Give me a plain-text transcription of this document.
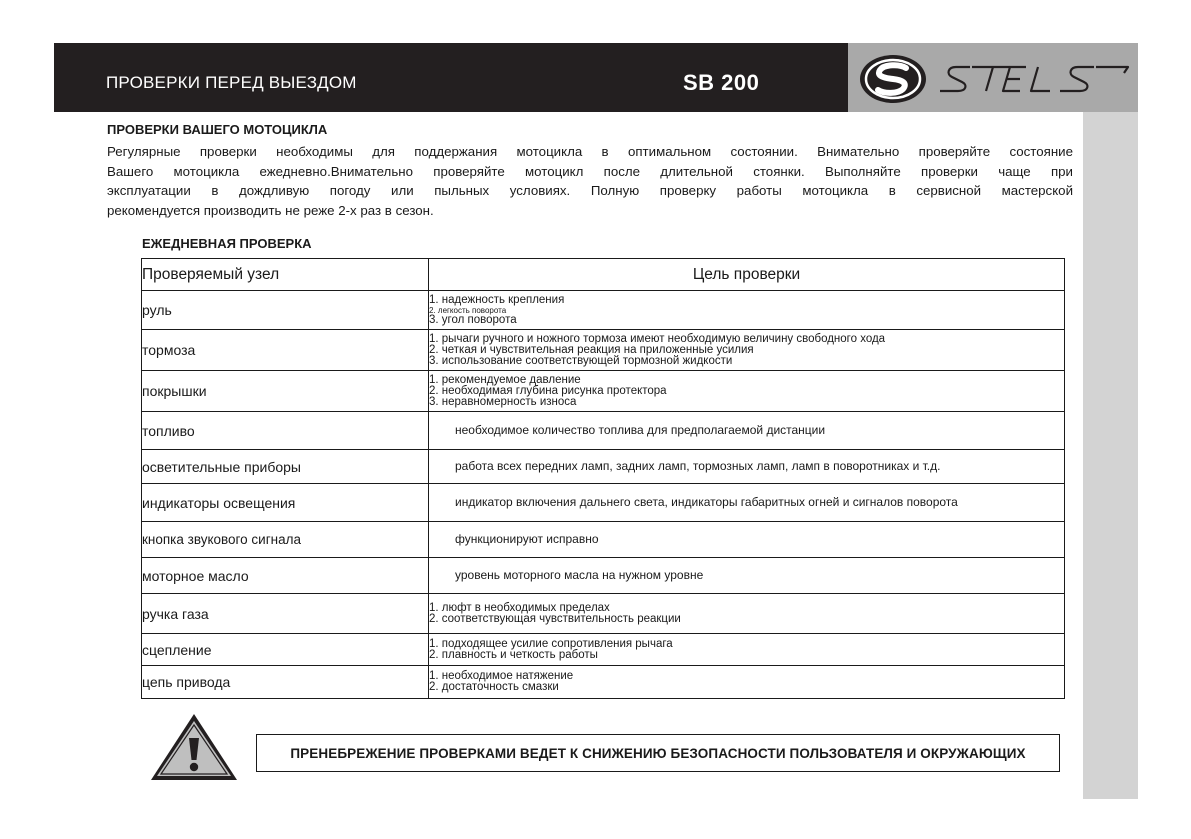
ПРОВЕРКИ ПЕРЕД ВЫЕЗДОМ	SB 200
ПРОВЕРКИ ВАШЕГО МОТОЦИКЛА
Регулярные проверки необходимы для поддержания мотоцикла в оптимальном состоянии. Внимательно проверяйте состояние
Вашего мотоцикла ежедневно.Внимательно проверяйте мотоцикл после длительной стоянки. Выполняйте проверки чаще при
эксплуатации в дождливую погоду или пыльных условиях. Полную проверку работы мотоцикла в сервисной мастерской
рекомендуется производить не реже 2-х раз в сезон.
ЕЖЕДНЕВНАЯ ПРОВЕРКА
Проверяемый узел	Цель проверки
руль	1. надежность крепления
2. легкость поворота
3. угол поворота

тормоза	1. рычаги ручного и ножного тормоза имеют необходимую величину свободного хода
2. четкая и чувствительная реакция на приложенные усилия
3. использование соответствующей тормозной жидкости

покрышки	1. рекомендуемое давление
2. необходимая глубина рисунка протектора
3. неравномерность износа

топливо	необходимое количество топлива для предполагаемой дистанции

осветительные приборы	работа всех передних ламп, задних ламп, тормозных ламп, ламп в поворотниках и т.д.

индикаторы освещения	индикатор включения дальнего света, индикаторы габаритных огней и сигналов поворота

кнопка звукового сигнала	функционируют исправно

моторное масло	уровень моторного масла на нужном уровне

ручка газа	1. люфт в необходимых пределах
2. соответствующая чувствительность реакции

сцепление	1. подходящее усилие сопротивления рычага
2. плавность и четкость работы

цепь привода	1. необходимое натяжение
2. достаточность смазки
ПРЕНЕБРЕЖЕНИЕ ПРОВЕРКАМИ ВЕДЕТ К СНИЖЕНИЮ БЕЗОПАСНОСТИ ПОЛЬЗОВАТЕЛЯ И ОКРУЖАЮЩИХ
